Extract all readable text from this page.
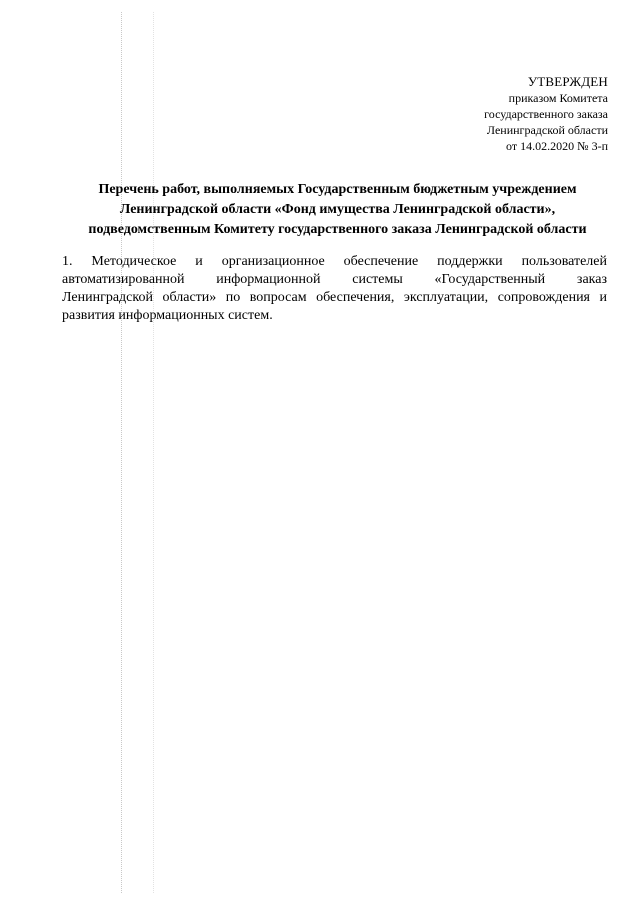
УТВЕРЖДЕН
приказом Комитета
государственного заказа
Ленинградской области
от 14.02.2020 № 3-п
Перечень работ, выполняемых Государственным бюджетным учреждением
Ленинградской области «Фонд имущества Ленинградской области»,
подведомственным Комитету государственного заказа Ленинградской области
1. Методическое и организационное обеспечение поддержки пользователей
автоматизированной информационной системы «Государственный заказ
Ленинградской области» по вопросам обеспечения, эксплуатации, сопровождения и
развития информационных систем.
